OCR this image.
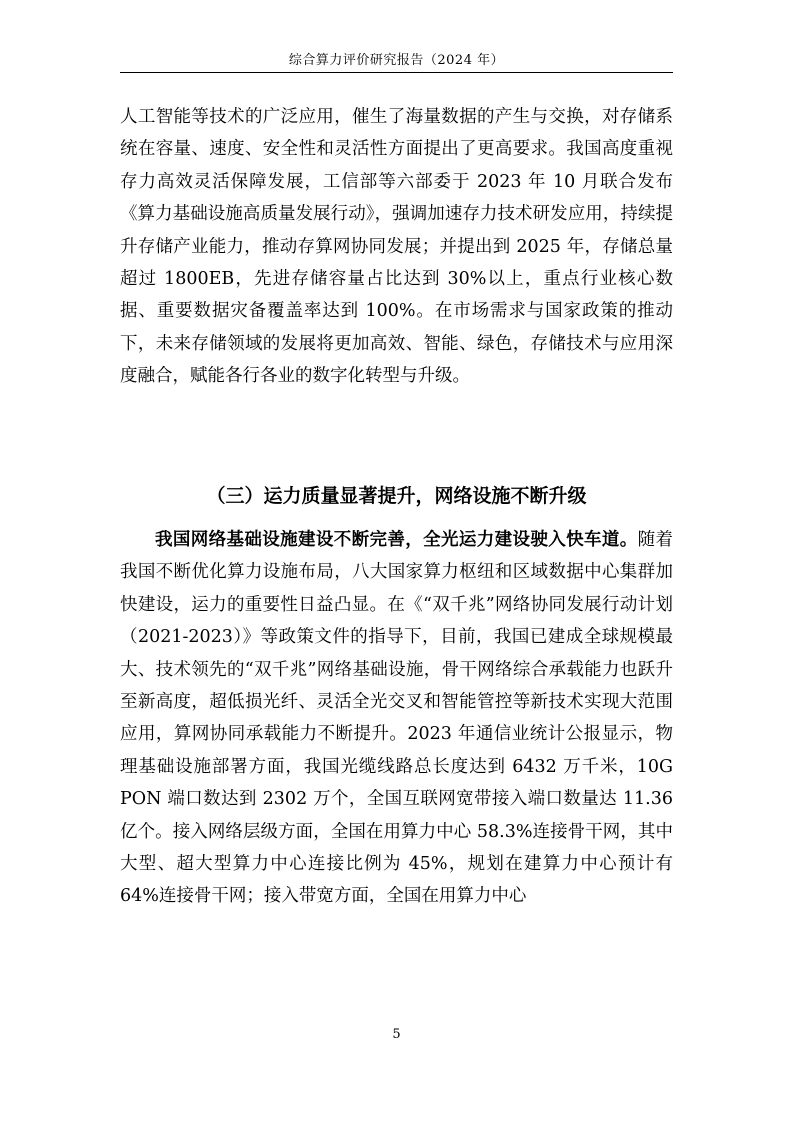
综合算力评价研究报告（2024 年）

人工智能等技术的广泛应用，催生了海量数据的产生与交换，对存储系统在容量、速度、安全性和灵活性方面提出了更高要求。我国高度重视存力高效灵活保障发展，工信部等六部委于 2023 年 10 月联合发布《算力基础设施高质量发展行动》，强调加速存力技术研发应用，持续提升存储产业能力，推动存算网协同发展；并提出到 2025 年，存储总量超过 1800EB，先进存储容量占比达到 30%以上，重点行业核心数据、重要数据灾备覆盖率达到 100%。在市场需求与国家政策的推动下，未来存储领域的发展将更加高效、智能、绿色，存储技术与应用深度融合，赋能各行各业的数字化转型与升级。

（三）运力质量显著提升，网络设施不断升级

我国网络基础设施建设不断完善，全光运力建设驶入快车道。随着我国不断优化算力设施布局，八大国家算力枢纽和区域数据中心集群加快建设，运力的重要性日益凸显。在《“双千兆”网络协同发展行动计划（2021-2023）》等政策文件的指导下，目前，我国已建成全球规模最大、技术领先的“双千兆”网络基础设施，骨干网络综合承载能力也跃升至新高度，超低损光纤、灵活全光交叉和智能管控等新技术实现大范围应用，算网协同承载能力不断提升。2023 年通信业统计公报显示，物理基础设施部署方面，我国光缆线路总长度达到 6432 万千米，10G PON 端口数达到 2302 万个，全国互联网宽带接入端口数量达 11.36 亿个。接入网络层级方面，全国在用算力中心 58.3%连接骨干网，其中大型、超大型算力中心连接比例为 45%，规划在建算力中心预计有 64%连接骨干网；接入带宽方面，全国在用算力中心

5
